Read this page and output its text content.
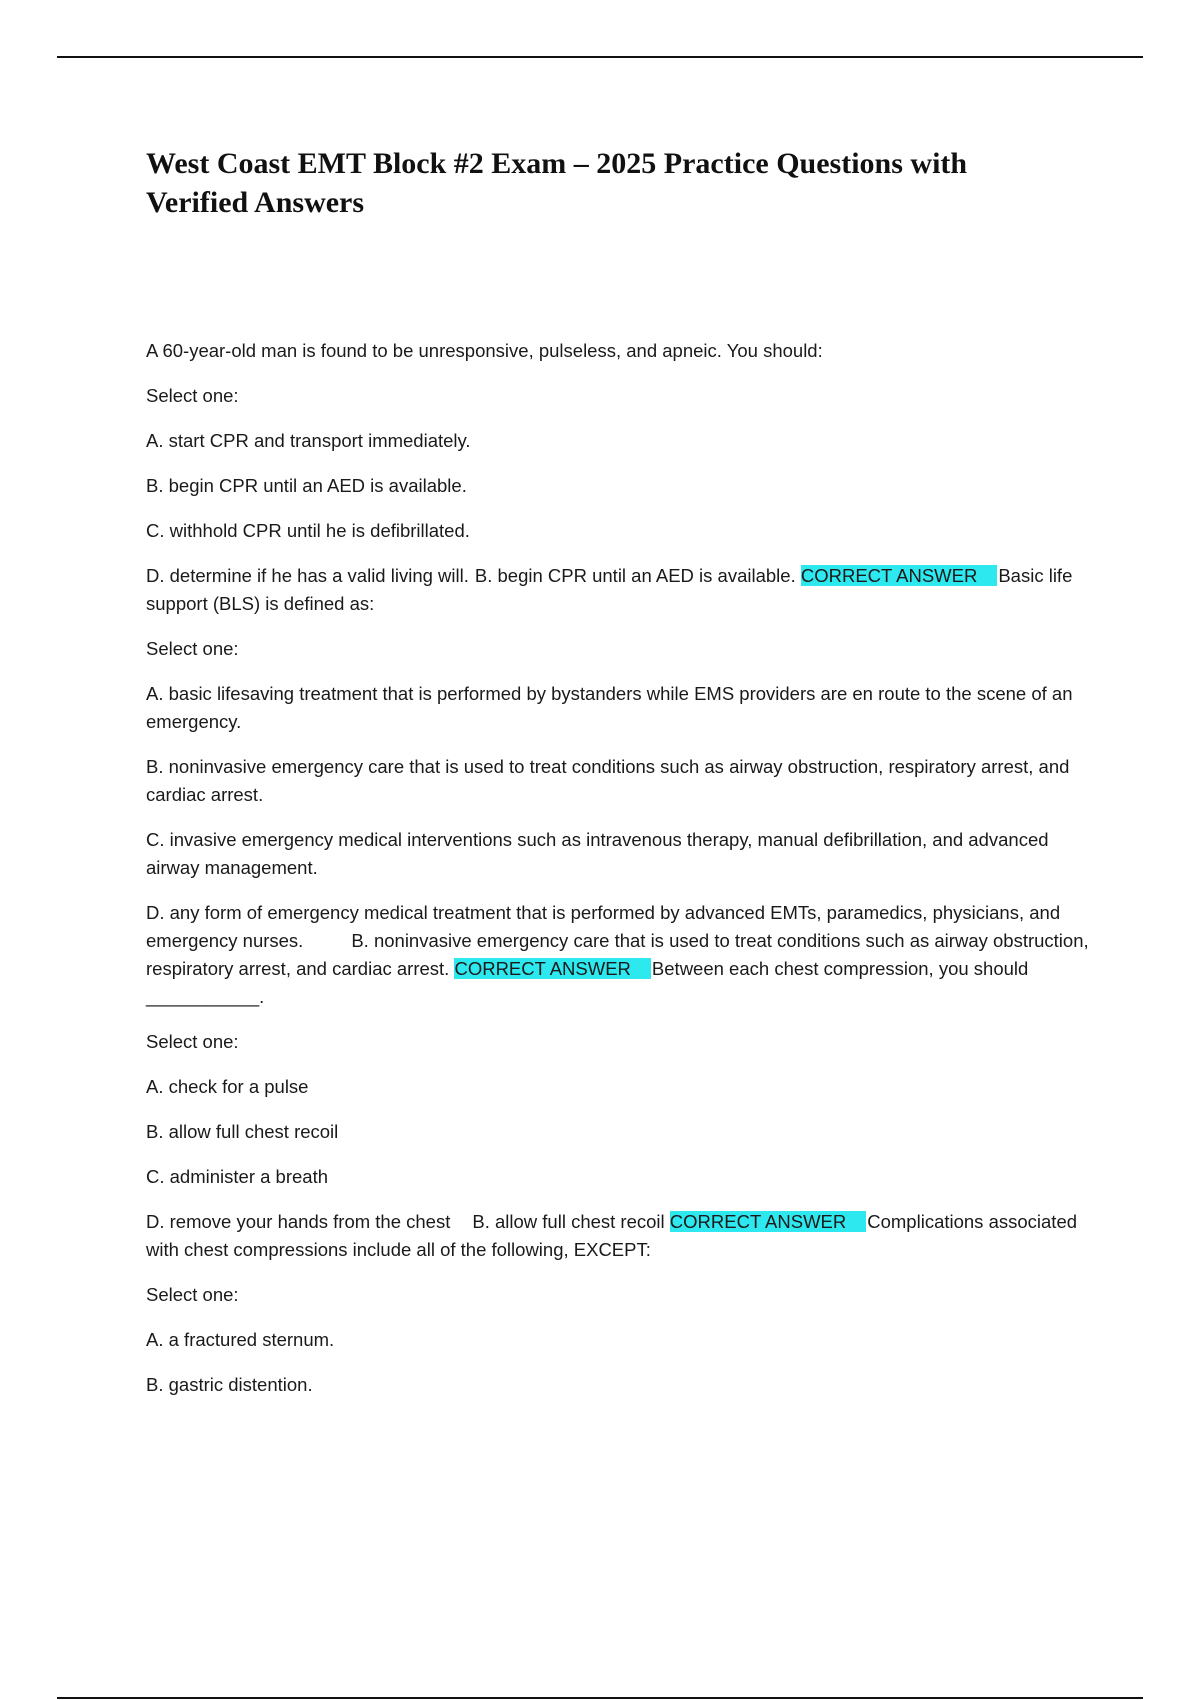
West Coast EMT Block #2 Exam – 2025 Practice Questions with Verified Answers

A 60-year-old man is found to be unresponsive, pulseless, and apneic. You should:

Select one:

A. start CPR and transport immediately.

B. begin CPR until an AED is available.

C. withhold CPR until he is defibrillated.

D. determine if he has a valid living will. B. begin CPR until an AED is available. CORRECT ANSWER Basic life support (BLS) is defined as:

Select one:

A. basic lifesaving treatment that is performed by bystanders while EMS providers are en route to the scene of an emergency.

B. noninvasive emergency care that is used to treat conditions such as airway obstruction, respiratory arrest, and cardiac arrest.

C. invasive emergency medical interventions such as intravenous therapy, manual defibrillation, and advanced airway management.

D. any form of emergency medical treatment that is performed by advanced EMTs, paramedics, physicians, and emergency nurses.	B. noninvasive emergency care that is used to treat conditions such as airway obstruction, respiratory arrest, and cardiac arrest. CORRECT ANSWER Between each chest compression, you should ___________.

Select one:

A. check for a pulse

B. allow full chest recoil

C. administer a breath

D. remove your hands from the chest B. allow full chest recoil CORRECT ANSWER Complications associated with chest compressions include all of the following, EXCEPT:

Select one:

A. a fractured sternum.

B. gastric distention.
